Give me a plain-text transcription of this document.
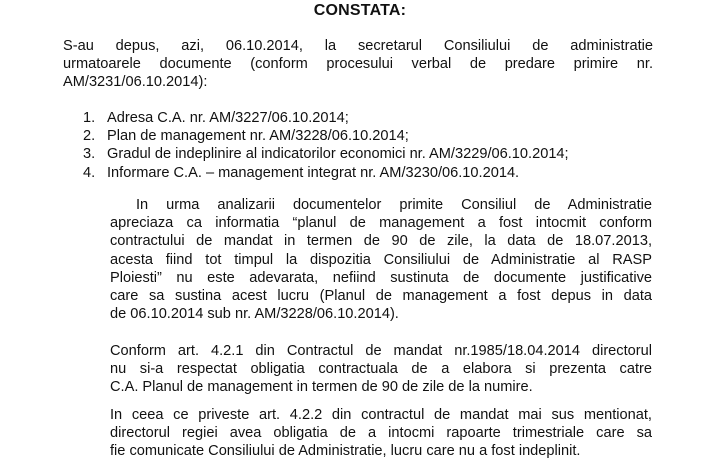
CONSTATA:
S-au depus, azi, 06.10.2014, la secretarul Consiliului de administratie
urmatoarele documente (conform procesului verbal de predare primire nr.
AM/3231/06.10.2014):
1. Adresa C.A. nr. AM/3227/06.10.2014;
2. Plan de management nr. AM/3228/06.10.2014;
3. Gradul de indeplinire al indicatorilor economici nr. AM/3229/06.10.2014;
4. Informare C.A. – management integrat nr. AM/3230/06.10.2014.
In urma analizarii documentelor primite Consiliul de Administratie
apreciaza ca informatia “planul de management a fost intocmit conform
contractului de mandat in termen de 90 de zile, la data de 18.07.2013,
acesta fiind tot timpul la dispozitia Consiliului de Administratie al RASP
Ploiesti” nu este adevarata, nefiind sustinuta de documente justificative
care sa sustina acest lucru (Planul de management a fost depus in data
de 06.10.2014 sub nr. AM/3228/06.10.2014).
Conform art. 4.2.1 din Contractul de mandat nr.1985/18.04.2014 directorul
nu si-a respectat obligatia contractuala de a elabora si prezenta catre
C.A. Planul de management in termen de 90 de zile de la numire.
In ceea ce priveste art. 4.2.2 din contractul de mandat mai sus mentionat,
directorul regiei avea obligatia de a intocmi rapoarte trimestriale care sa
fie comunicate Consiliului de Administratie, lucru care nu a fost indeplinit.
